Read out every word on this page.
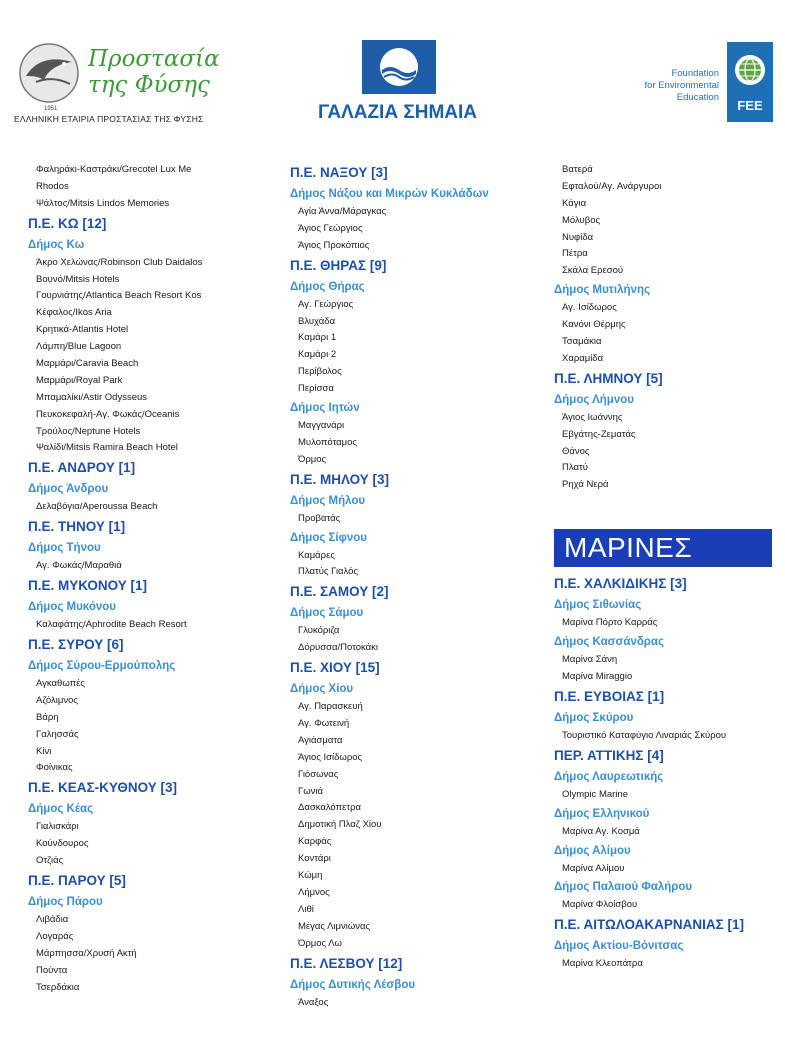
Προστασία
της Φύσης
1951
ΕΛΛΗΝΙΚΗ ΕΤΑΙΡΙΑ ΠΡΟΣΤΑΣΙΑΣ ΤΗΣ ΦΥΣΗΣ	ΓΑΛΑΖΙΑ ΣΗΜΑΙΑ
Foundation
for Environmental
Education
FEE
Φαληράκι-Καστράκι/Grecotel Lux Me
Rhodos
Ψάλτος/Mitsis Lindos Memories
Π.Ε. ΚΩ [12]
Δήμος Κω
Άκρο Χελώνας/Robinson Club Daidalos
Βουνό/Mitsis Hotels
Γουρνιάτης/Atlantica Beach Resort Kos
Κέφαλος/Ikos Aria
Κρητικά-Atlantis Hotel
Λάμπη/Blue Lagoon
Μαρμάρι/Caravia Beach
Μαρμάρι/Royal Park
Μπαμαλίκι/Astir Odysseus
Πευκοκεφαλή-Αγ. Φωκάς/Oceanis
Τρούλος/Neptune Hotels
Ψαλίδι/Mitsis Ramira Beach Hotel
Π.Ε. ΑΝΔΡΟΥ [1]
Δήμος Άνδρου
Δελαβόγια/Aperoussa Beach
Π.Ε. ΤΗΝΟΥ [1]
Δήμος Τήνου
Αγ. Φωκάς/Μαραθιά
Π.Ε. ΜΥΚΟΝΟΥ [1]
Δήμος Μυκόνου
Καλαφάτης/Aphrodite Beach Resort
Π.Ε. ΣΥΡΟΥ [6]
Δήμος Σύρου-Ερμούπολης
Αγκαθωπές
Αζόλιμνος
Βάρη
Γαλησσάς
Κίνι
Φοίνικας
Π.Ε. ΚΕΑΣ-ΚΥΘΝΟΥ [3]
Δήμος Κέας
Γιαλισκάρι
Κούνδουρος
Οτζιάς
Π.Ε. ΠΑΡΟΥ [5]
Δήμος Πάρου
Λιβάδια
Λογαράς
Μάρπησσα/Χρυσή Ακτή
Πούντα
Τσερδάκια
Π.Ε. ΝΑΞΟΥ [3]
Δήμος Νάξου και Μικρών Κυκλάδων
Αγία Άννα/Μάραγκας
Άγιος Γεώργιος
Άγιος Προκόπιος
Π.Ε. ΘΗΡΑΣ [9]
Δήμος Θήρας
Αγ. Γεώργιος
Βλυχάδα
Καμάρι 1
Καμάρι 2
Περίβολος
Περίσσα
Δήμος Ιητών
Μαγγανάρι
Μυλοπόταμος
Όρμος
Π.Ε. ΜΗΛΟΥ [3]
Δήμος Μήλου
Προβατάς
Δήμος Σίφνου
Καμάρες
Πλατύς Γιαλός
Π.Ε. ΣΑΜΟΥ [2]
Δήμος Σάμου
Γλυκόριζα
Δόρυσσα/Ποτοκάκι
Π.Ε. ΧΙΟΥ [15]
Δήμος Χίου
Αγ. Παρασκευή
Αγ. Φωτεινή
Αγιάσματα
Άγιος Ισίδωρος
Γιόσωνας
Γωνιά
Δασκαλόπετρα
Δημοτική Πλαζ Χίου
Καρφάς
Κοντάρι
Κώμη
Λήμνος
Λιθί
Μέγας Λιμνιώνας
Όρμος Λω
Π.Ε. ΛΕΣΒΟΥ [12]
Δήμος Δυτικής Λέσβου
Άναξος
Βατερά
Εφταλού/Αγ. Ανάργυροι
Κάγια
Μόλυβος
Νυφίδα
Πέτρα
Σκάλα Ερεσού
Δήμος Μυτιλήνης
Αγ. Ισίδωρος
Κανόνι Θέρμης
Τσαμάκια
Χαραμίδα
Π.Ε. ΛΗΜΝΟΥ [5]
Δήμος Λήμνου
Άγιος Ιωάννης
Εβγάτης-Ζεματάς
Θάνος
Πλατύ
Ρηχά Νερά
ΜΑΡΙΝΕΣ
Π.Ε. ΧΑΛΚΙΔΙΚΗΣ [3]
Δήμος Σιθωνίας
Μαρίνα Πόρτο Καρράς
Δήμος Κασσάνδρας
Μαρίνα Σάνη
Μαρίνα Miraggio
Π.Ε. ΕΥΒΟΙΑΣ [1]
Δήμος Σκύρου
Τουριστικό Καταφύγιο Λιναριάς Σκύρου
ΠΕΡ. ΑΤΤΙΚΗΣ [4]
Δήμος Λαυρεωτικής
Olympic Marine
Δήμος Ελληνικού
Μαρίνα Αγ. Κοσμά
Δήμος Αλίμου
Μαρίνα Αλίμου
Δήμος Παλαιού Φαλήρου
Μαρίνα Φλοίσβου
Π.Ε. ΑΙΤΩΛΟΑΚΑΡΝΑΝΙΑΣ [1]
Δήμος Ακτίου-Βόνιτσας
Μαρίνα Κλεοπάτρα
